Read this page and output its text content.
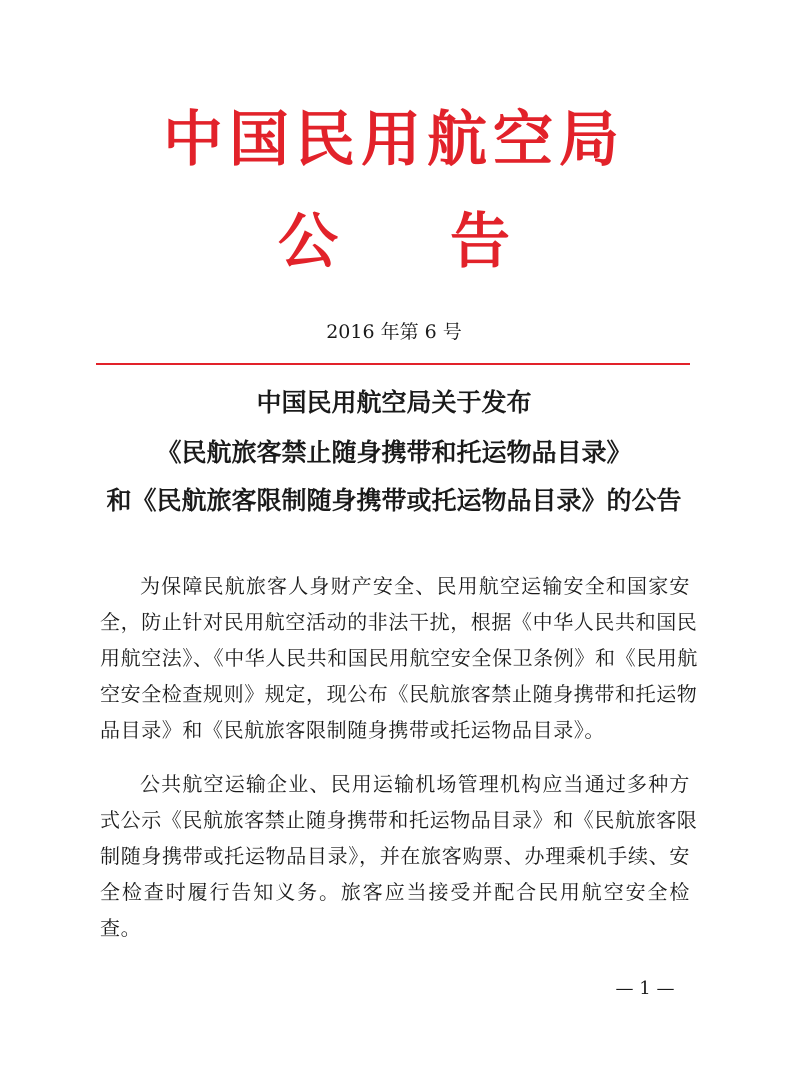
中国民用航空局
公 告
2016 年第 6 号
中国民用航空局关于发布
《民航旅客禁止随身携带和托运物品目录》
和《民航旅客限制随身携带或托运物品目录》的公告
为保障民航旅客人身财产安全、民用航空运输安全和国家安
全，防止针对民用航空活动的非法干扰，根据《中华人民共和国民
用航空法》、《中华人民共和国民用航空安全保卫条例》和《民用航
空安全检查规则》规定，现公布《民航旅客禁止随身携带和托运物
品目录》和《民航旅客限制随身携带或托运物品目录》。
公共航空运输企业、民用运输机场管理机构应当通过多种方
式公示《民航旅客禁止随身携带和托运物品目录》和《民航旅客限
制随身携带或托运物品目录》，并在旅客购票、办理乘机手续、安
全检查时履行告知义务。旅客应当接受并配合民用航空安全检
查。
— 1 —
